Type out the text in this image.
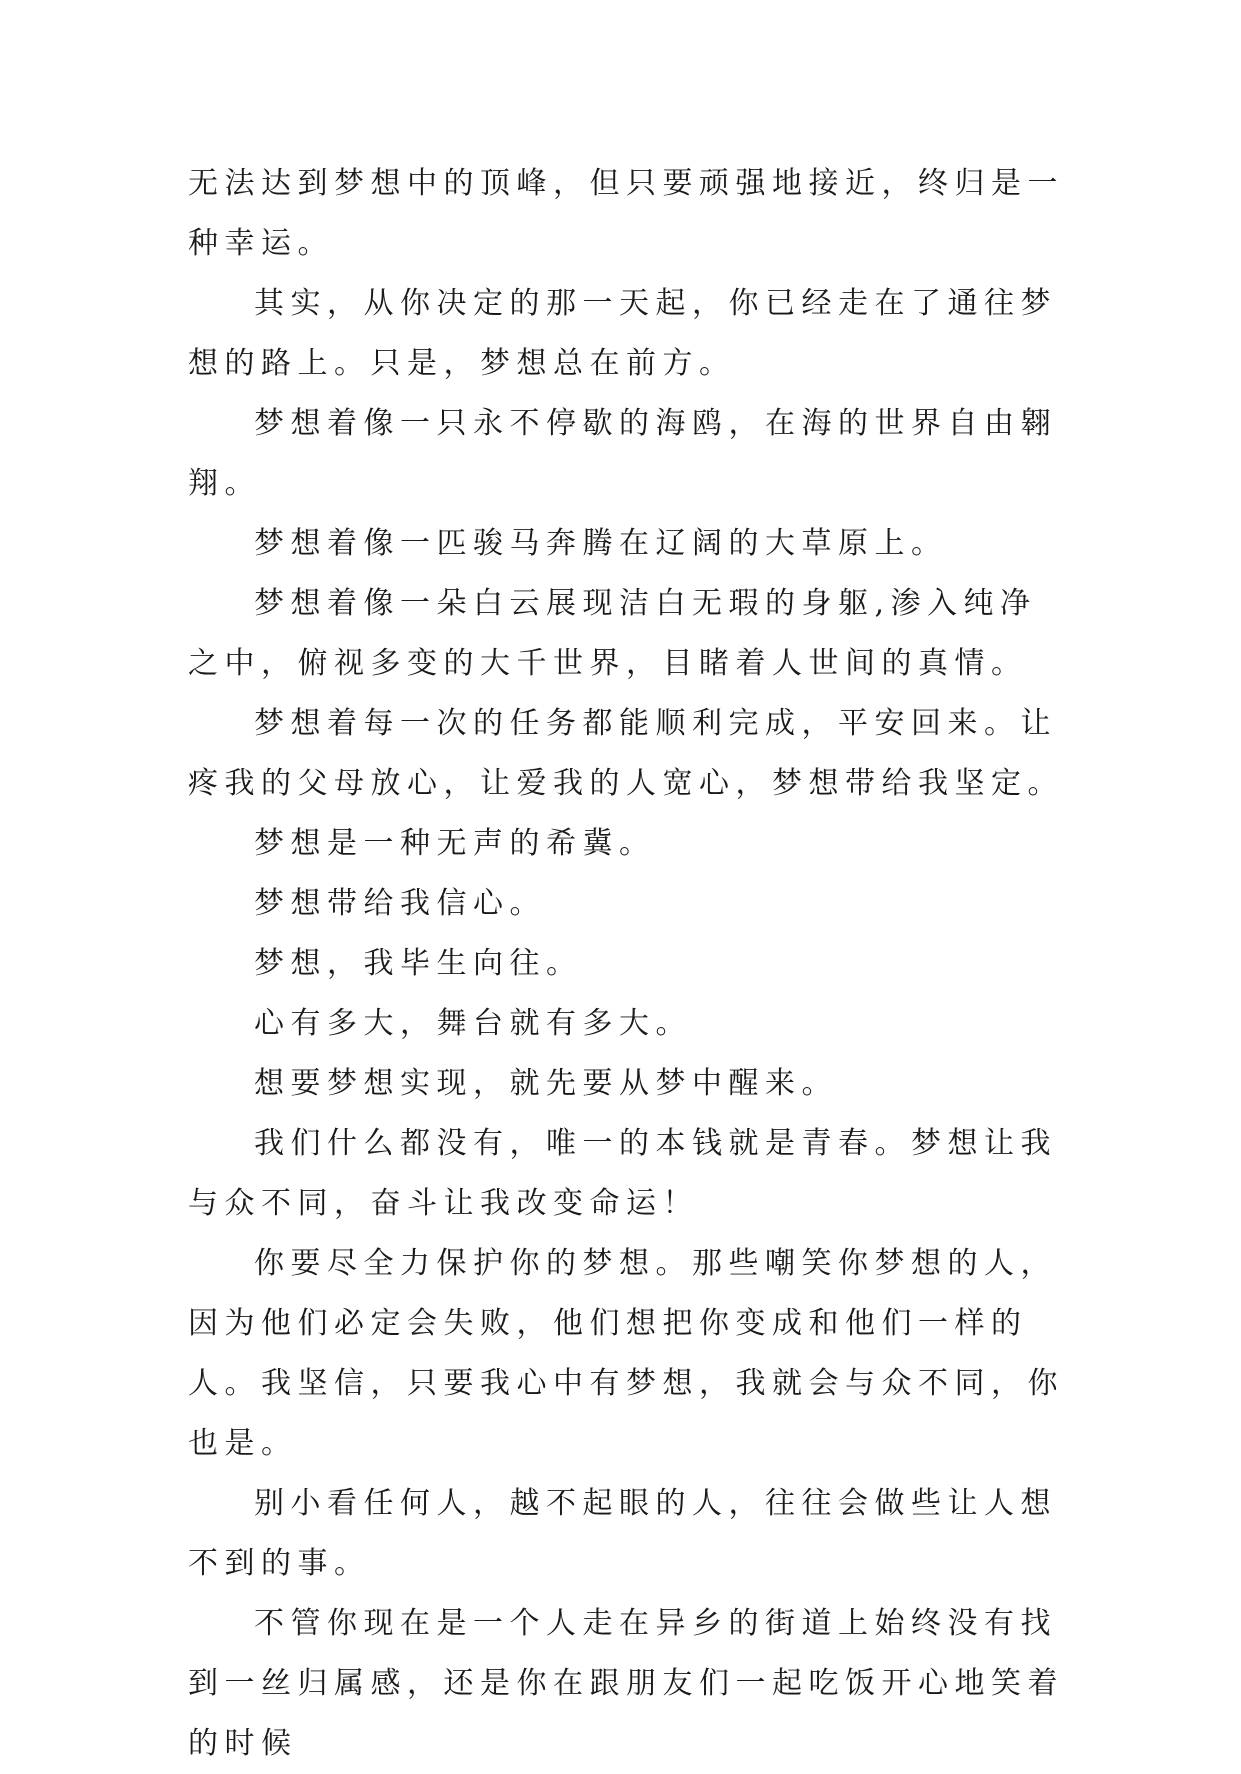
无法达到梦想中的顶峰，但只要顽强地接近，终归是一种幸运。

其实，从你决定的那一天起，你已经走在了通往梦想的路上。只是，梦想总在前方。

梦想着像一只永不停歇的海鸥，在海的世界自由翱翔。

梦想着像一匹骏马奔腾在辽阔的大草原上。

梦想着像一朵白云展现洁白无瑕的身躯,渗入纯净之中，俯视多变的大千世界，目睹着人世间的真情。

梦想着每一次的任务都能顺利完成，平安回来。让疼我的父母放心，让爱我的人宽心，梦想带给我坚定。

梦想是一种无声的希冀。

梦想带给我信心。

梦想，我毕生向往。

心有多大，舞台就有多大。

想要梦想实现，就先要从梦中醒来。

我们什么都没有，唯一的本钱就是青春。梦想让我与众不同，奋斗让我改变命运！

你要尽全力保护你的梦想。那些嘲笑你梦想的人，因为他们必定会失败，他们想把你变成和他们一样的人。我坚信，只要我心中有梦想，我就会与众不同，你也是。

别小看任何人，越不起眼的人，往往会做些让人想不到的事。

不管你现在是一个人走在异乡的街道上始终没有找到一丝归属感，还是你在跟朋友们一起吃饭开心地笑着的时候
